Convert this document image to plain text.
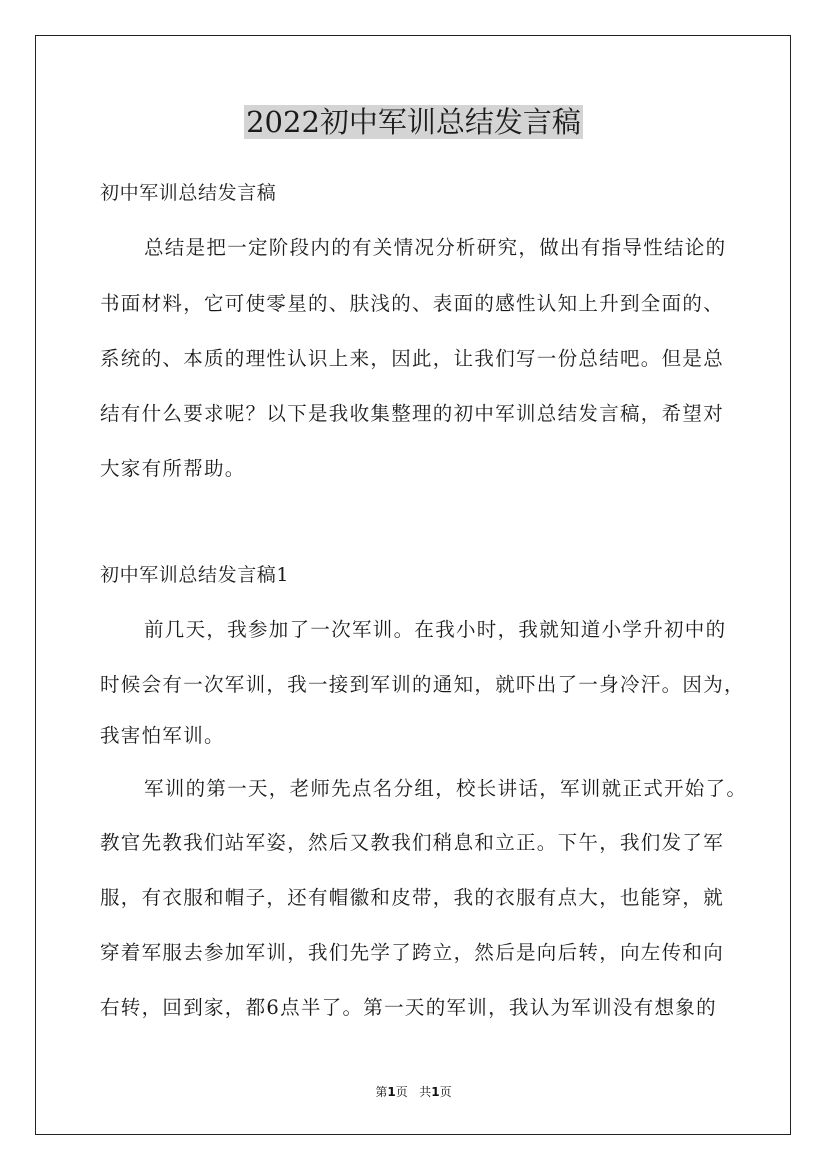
2022初中军训总结发言稿
初中军训总结发言稿
总结是把一定阶段内的有关情况分析研究，做出有指导性结论的
书面材料，它可使零星的、肤浅的、表面的感性认知上升到全面的、
系统的、本质的理性认识上来，因此，让我们写一份总结吧。但是总
结有什么要求呢？以下是我收集整理的初中军训总结发言稿，希望对
大家有所帮助。
初中军训总结发言稿1
前几天，我参加了一次军训。在我小时，我就知道小学升初中的
时候会有一次军训，我一接到军训的通知，就吓出了一身冷汗。因为，
我害怕军训。
军训的第一天，老师先点名分组，校长讲话，军训就正式开始了。
教官先教我们站军姿，然后又教我们稍息和立正。下午，我们发了军
服，有衣服和帽子，还有帽徽和皮带，我的衣服有点大，也能穿，就
穿着军服去参加军训，我们先学了跨立，然后是向后转，向左传和向
右转，回到家，都6点半了。第一天的军训，我认为军训没有想象的
第1页 共1页
